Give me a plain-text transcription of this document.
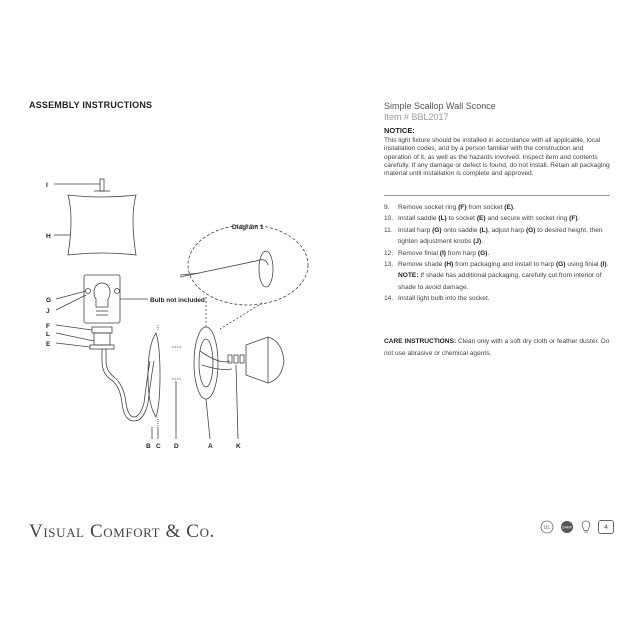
ASSEMBLY INSTRUCTIONS	Simple Scallop Wall Sconce
Item # BBL2017
NOTICE:
This light fixture should be installed in accordance with all applicable, local installation codes, and by a person familiar with the construction and operation of it, as well as the hazards involved. Inspect item and contents carefully. If any damage or defect is found, do not install. Retain all packaging material until installation is complete and approved.
9. Remove socket ring (F) from socket (E).
10. Install saddle (L) to socket (E) and secure with socket ring (F).
11. Install harp (G) onto saddle (L), adjust harp (G) to desired height, then tighten adjustment knobs (J).
12. Remove finial (I) from harp (G).
13. Remove shade (H) from packaging and install to harp (G) using finial (I).
NOTE: If shade has additional packaging, carefully cut from interior of shade to avoid damage.
14. Install light bulb into the socket.
CARE INSTRUCTIONS: Clean only with a soft dry cloth or feather duster. Do not use abrasive or chemical agents.
Visual Comfort & Co.	UL	DAMP	4
I
H
G
J
F
L
E
B C D	A	K
Diagram 1
Bulb not included
